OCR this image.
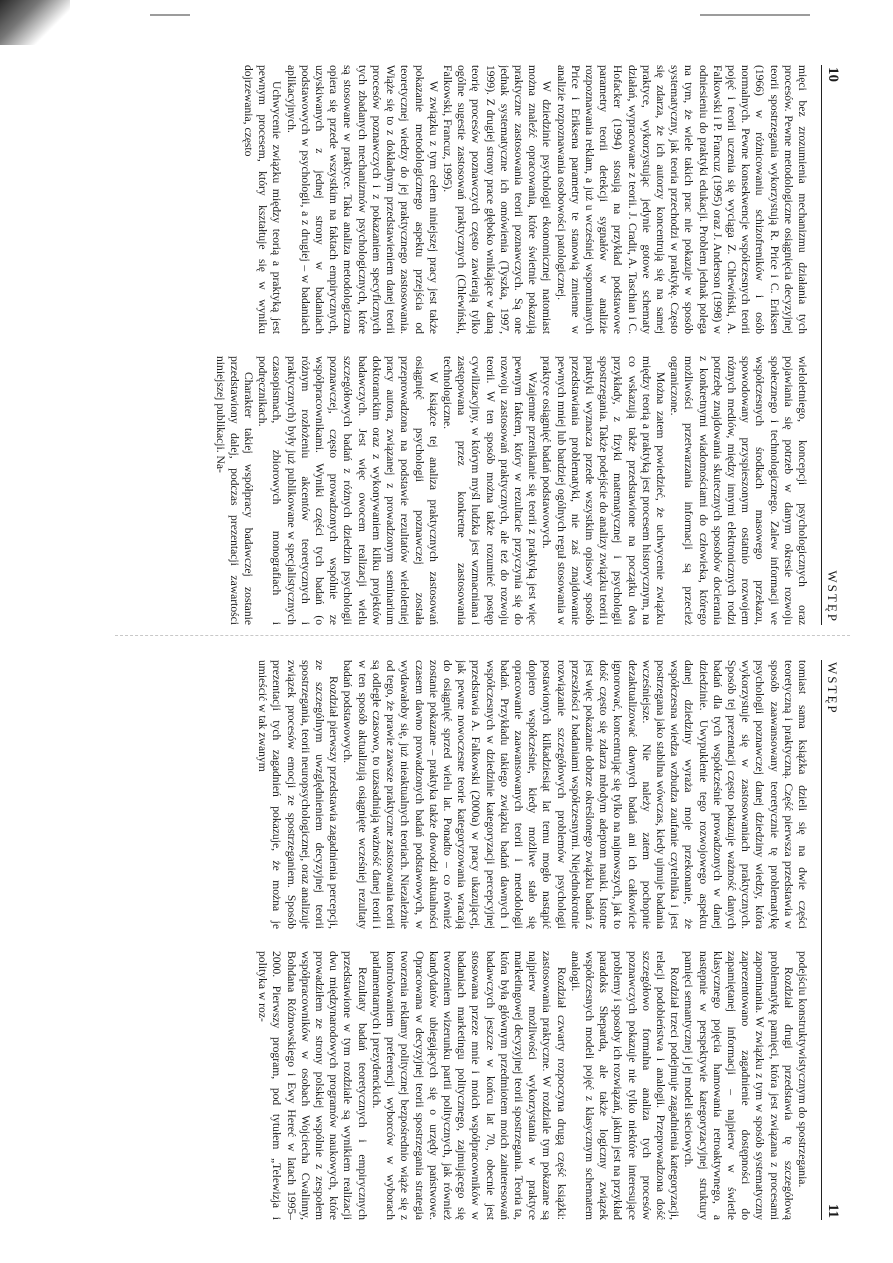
10
WSTĘP

mięci bez zrozumienia mechanizmu działania tych procesów. Pewne metodologiczne osiągnięcia decyzyjnej teorii spostrzegania wykorzystują R. Price i C. Eriksen (1966) w różnicowaniu schizofreników i osób normalnych. Pewne konsekwencje współczesnych teorii pojęć i teorii uczenia się wyciąga Z. Chlewiński, A. Falkowski i P. Francuz (1995) oraz J. Anderson (1998) w odniesieniu do praktyki edukacji. Problem jednak polega na tym, że wiele takich prac nie pokazuje w sposób systematyczny, jak teoria przechodzi w praktykę. Często się zdarza, że ich autorzy koncentrują się na samej praktyce, wykorzystując jedynie gotowe schematy działań, wypracowane z teorii. J. Cradit, A. Taschian i C. Hofacker (1994) stosują na przykład podstawowe parametry teorii detekcji sygnałów w analizie rozpoznawania reklam, a już u wcześniej wspomnianych Price i Eriksena parametry te stanowią zmienne w analizie rozpoznawania osobowości patologicznej.

W dziedzinie psychologii ekonomicznej natomiast można znaleźć opracowania, które świetnie pokazują praktyczne zastosowania teorii poznawczych. Są one jednak systematyczne ich omówienia (Tyszka, 1997, 1999). Z drugiej strony prace głęboko wnikające w daną teorię procesów poznawczych często zawierają tylko ogólne sugestie zastosowań praktycznych (Chlewiński, Falkowski, Francuz, 1995).

W związku z tym celem niniejszej pracy jest także pokazanie metodologicznego aspektu przejścia od teoretycznej wiedzy do jej praktycznego zastosowania. Wiąże się to z dokładnym przedstawieniem danej teorii procesów poznawczych i z pokazaniem specyficznych tych zbadanych mechanizmów psychologicznych, które są stosowane w praktyce. Taka analiza metodologiczna opiera się przede wszystkim na faktach empirycznych, uzyskiwanych z jednej strony w badaniach podstawowych w psychologii, a z drugiej – w badaniach aplikacyjnych.

Uchwycenie związku między teorią a praktyką jest pewnym procesem, który kształtuje się w wyniku dojrzewania, często

wieloletniego, koncepcji psychologicznych oraz pojawiania się potrzeb w danym okresie rozwoju społecznego i technologicznego. Zalew informacji we współczesnych środkach masowego przekazu, spowodowany przyspieszonym ostatnio rozwojem różnych mediów, między innymi elektronicznych rodzi potrzebę znajdowania skutecznych sposobów docierania z konkretnymi wiadomościami do człowieka, którego możliwości przetwarzania informacji są przecież ograniczone.

Można zatem powiedzieć, że uchwycenie związku między teorią a praktyką jest procesem historycznym, na co wskazują także przedstawione na początku dwa przykłady, z fizyki matematycznej i psychologii spostrzegania. Także podejście do analizy związku teorii i praktyki wyznacza przede wszystkim opisowy sposób przedstawiania problematyki, nie zaś znajdowanie pewnych mniej lub bardziej ogólnych reguł stosowania w praktyce osiągnięć badań podstawowych.

Wzajemne przenikanie się teorii z praktyką jest więc pewnym faktem, który w rezultacie przyczynia się do rozwoju zastosowań praktycznych, ale też do rozwoju teorii. W ten sposób można także rozumieć postęp cywilizacyjny, w którym myśl ludzka jest wzmacniana i zastępowana przez konkretne zastosowania technologiczne.

W książce tej analiza praktycznych zastosowań osiągnięć psychologii poznawczej została przeprowadzona na podstawie rezultatów wieloletniej pracy autora, związanej z prowadzonym seminarium doktoranckim oraz z wykonywaniem kilku projektów badawczych. Jest więc owocem realizacji wielu szczegółowych badań z różnych dziedzin psychologii poznawczej, często prowadzonych wspólnie ze współpracownikami. Wyniki części tych badań (o różnym rozłożeniu akcentów teoretycznych i praktycznych) były już publikowane w specjalistycznych czasopismach, zbiorowych monografiach i podręcznikach.

Charakter takiej współpracy badawczej zostanie przedstawiony dalej, podczas prezentacji zawartości niniejszej publikacji. Na-

WSTĘP
11

tomiast sama książka dzieli się na dwie części teoretyczną i praktyczną. Część pierwsza przedstawia w sposób zaawansowany teoretycznie tę problematykę psychologii poznawczej danej dziedziny wiedzy, która wykorzystuje się w zastosowaniach praktycznych. Sposób tej prezentacji często pokazuje ważność danych badań dla tych współcześnie prowadzonych w danej dziedzinie. Uwypuklenie tego rozwojowego aspektu danej dziedziny wyraża moje przekonanie, że współczesna wiedza wzbudza zaufanie czytelnika i jest postrzegana jako stabilna wówczas, kiedy ujmuje badania wcześniejsze. Nie należy zatem pochopnie dezaktualizować dawnych badań ani ich całkowicie ignorować, koncentrując się tylko na najnowszych, jak to dość często się zdarza młodym adeptom nauki. Istotne jest więc pokazanie dobrze określonego związku badań z przeszłości z badaniami współczesnymi. Niejednokrotnie rozwiązanie szczegółowych problemów psychologii postawionych kilkadziesiąt lat temu mogło nastąpić dopiero współcześnie, kiedy możliwe stało się opracowanie zaawansowanych teorii i metodologii badań. Przykładu takiego związku badań dawnych i współczesnych w dziedzinie kategoryzacji percepcyjnej przedstawia A. Falkowski (2000a) w pracy ukazującej, jak pewne nowoczesne teorie kategoryzowania wracają do osiągnięć sprzed wielu lat. Ponadto – co również zostanie pokazane – praktyka także dowodzi aktualności czasem dawno prowadzonych badań podstawowych, w wydawałoby się, już nieaktualnych teoriach. Niezależnie od tego, że prawie zawsze praktyczne zastosowania teorii są odległe czasowo, to uzasadniają ważność danej teorii i w ten sposób aktualizują osiągnięte wcześniej rezultaty badań podstawowych.

Rozdział pierwszy przedstawia zagadnienia percepcji, ze szczególnym uwzględnieniem decyzyjnej teorii spostrzegania, teorii neuropsychologicznej, oraz analizuje związek procesów emocji ze spostrzeganiem. Sposób prezentacji tych zagadnień pokazuje, że można je umieścić w tak zwanym

podejściu konstruktywistycznym do spostrzegania.

Rozdział drugi przedstawia tę szczegółową problematykę pamięci, która jest związana z procesami zapominania. W związku z tym w sposób systematyczny zaprezentowano zagadnienie dostępności do zapamiętanej informacji – najpierw w świetle klasycznego pojęcia hamowania retroaktywnego, a następnie w perspektywie kategoryzacyjnej struktury pamięci semantycznej i jej modeli sieciowych.

Rozdział trzeci podejmuje zagadnienia kategoryzacji, relacji podobieństwa i analogii. Przeprowadzona dość szczegółowo formalna analiza tych procesów poznawczych pokazuje nie tylko niektóre interesujące problemy i sposoby ich rozwiązań, jakim jest na przykład paradoks Sheparda, ale także logiczny związek współczesnych modeli pojęć z klasycznym schematem analogii.

Rozdział czwarty rozpoczyna drugą część książki: zastosowania praktyczne. W rozdziale tym pokazane są najpierw możliwości wykorzystania w praktyce marketingowej decyzyjnej teorii spostrzegania. Teoria ta, która była głównym przedmiotem moich zainteresowań badawczych jeszcze w końcu lat 70., obecnie jest stosowana przeze mnie i moich współpracowników w badaniach marketingu politycznego, zajmującego się tworzeniem wizerunku partii politycznych, jak również kandydatów ubiegających się o urzędy państwowe. Opracowana w decyzyjnej teorii spostrzegania strategia tworzenia reklamy politycznej bezpośrednio wiąże się z kontrolowaniem preferencji wyborców w wyborach parlamentarnych i prezydenckich.

Rezultaty badań teoretycznych i empirycznych przedstawione w tym rozdziale są wynikiem realizacji dwu międzynarodowych programów naukowych, które prowadziłem ze strony polskiej wspólnie z zespołem współpracowników w osobach Wojciecha Cwalinny, Bohdana Różnowskiego i Ewy Hereć w latach 1995–2000. Pierwszy program, pod tytułem „Telewizja i polityka w roz-
